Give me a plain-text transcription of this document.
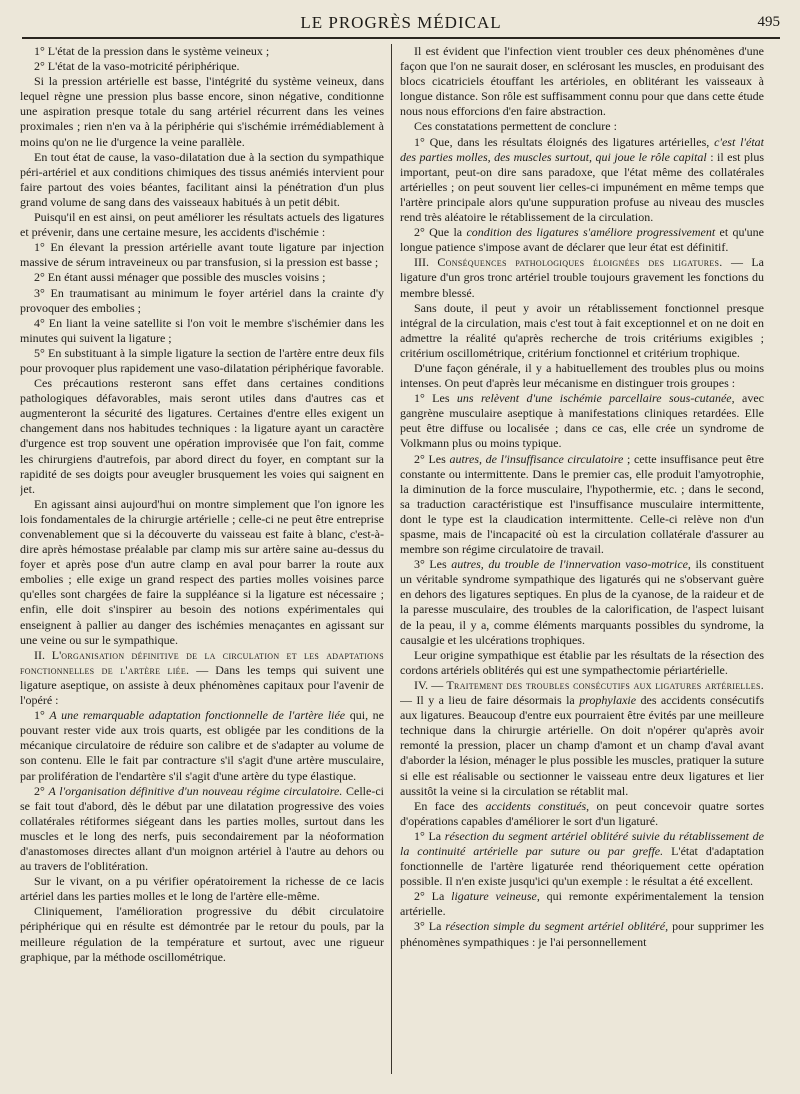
LE PROGRÈS MÉDICAL	495

1° L'état de la pression dans le système veineux ;

2° L'état de la vaso-motricité périphérique.

Si la pression artérielle est basse, l'intégrité du système veineux, dans lequel règne une pression plus basse encore, sinon négative, conditionne une aspiration presque totale du sang artériel récurrent dans les veines proximales ; rien n'en va à la périphérie qui s'ischémie irrémédiablement à moins qu'on ne lie d'urgence la veine parallèle.

En tout état de cause, la vaso-dilatation due à la section du sympathique péri-artériel et aux conditions chimiques des tissus anémiés intervient pour faire partout des voies béantes, facilitant ainsi la pénétration d'un plus grand volume de sang dans des vaisseaux habitués à un petit débit.

Puisqu'il en est ainsi, on peut améliorer les résultats actuels des ligatures et prévenir, dans une certaine mesure, les accidents d'ischémie :

1° En élevant la pression artérielle avant toute ligature par injection massive de sérum intraveineux ou par transfusion, si la pression est basse ;

2° En étant aussi ménager que possible des muscles voisins ;

3° En traumatisant au minimum le foyer artériel dans la crainte d'y provoquer des embolies ;

4° En liant la veine satellite si l'on voit le membre s'ischémier dans les minutes qui suivent la ligature ;

5° En substituant à la simple ligature la section de l'artère entre deux fils pour provoquer plus rapidement une vaso-dilatation périphérique favorable.

Ces précautions resteront sans effet dans certaines conditions pathologiques défavorables, mais seront utiles dans d'autres cas et augmenteront la sécurité des ligatures. Certaines d'entre elles exigent un changement dans nos habitudes techniques : la ligature ayant un caractère d'urgence est trop souvent une opération improvisée que l'on fait, comme les chirurgiens d'autrefois, par abord direct du foyer, en comptant sur la rapidité de ses doigts pour aveugler brusquement les voies qui saignent en jet.

En agissant ainsi aujourd'hui on montre simplement que l'on ignore les lois fondamentales de la chirurgie artérielle ; celle-ci ne peut être entreprise convenablement que si la découverte du vaisseau est faite à blanc, c'est-à-dire après hémostase préalable par clamp mis sur artère saine au-dessus du foyer et après pose d'un autre clamp en aval pour barrer la route aux embolies ; elle exige un grand respect des parties molles voisines parce qu'elles sont chargées de faire la suppléance si la ligature est nécessaire ; enfin, elle doit s'inspirer au besoin des notions expérimentales qui enseignent à pallier au danger des ischémies menaçantes en agissant sur une veine ou sur le sympathique.

II. L'organisation définitive de la circulation et les adaptations fonctionnelles de l'artère liée. — Dans les temps qui suivent une ligature aseptique, on assiste à deux phénomènes capitaux pour l'avenir de l'opéré :

1° A une remarquable adaptation fonctionnelle de l'artère liée qui, ne pouvant rester vide aux trois quarts, est obligée par les conditions de la mécanique circulatoire de réduire son calibre et de s'adapter au volume de son contenu. Elle le fait par contracture s'il s'agit d'une artère musculaire, par prolifération de l'endartère s'il s'agit d'une artère du type élastique.

2° A l'organisation définitive d'un nouveau régime circulatoire. Celle-ci se fait tout d'abord, dès le début par une dilatation progressive des voies collatérales rétiformes siégeant dans les parties molles, surtout dans les muscles et le long des nerfs, puis secondairement par la néoformation d'anastomoses directes allant d'un moignon artériel à l'autre au dehors ou au travers de l'oblitération.

Sur le vivant, on a pu vérifier opératoirement la richesse de ce lacis artériel dans les parties molles et le long de l'artère elle-même.

Cliniquement, l'amélioration progressive du débit circulatoire périphérique qui en résulte est démontrée par le retour du pouls, par la meilleure régulation de la température et surtout, avec une rigueur graphique, par la méthode oscillométrique.

Il est évident que l'infection vient troubler ces deux phénomènes d'une façon que l'on ne saurait doser, en sclérosant les muscles, en produisant des blocs cicatriciels étouffant les artérioles, en oblitérant les vaisseaux à longue distance. Son rôle est suffisamment connu pour que dans cette étude nous nous efforcions d'en faire abstraction.

Ces constatations permettent de conclure :

1° Que, dans les résultats éloignés des ligatures artérielles, c'est l'état des parties molles, des muscles surtout, qui joue le rôle capital : il est plus important, peut-on dire sans paradoxe, que l'état même des collatérales artérielles ; on peut souvent lier celles-ci impunément en même temps que l'artère principale alors qu'une suppuration profuse au niveau des muscles rend très aléatoire le rétablissement de la circulation.

2° Que la condition des ligatures s'améliore progressivement et qu'une longue patience s'impose avant de déclarer que leur état est définitif.

III. Conséquences pathologiques éloignées des ligatures. — La ligature d'un gros tronc artériel trouble toujours gravement les fonctions du membre blessé.

Sans doute, il peut y avoir un rétablissement fonctionnel presque intégral de la circulation, mais c'est tout à fait exceptionnel et on ne doit en admettre la réalité qu'après recherche de trois critériums exigibles ; critérium oscillométrique, critérium fonctionnel et critérium trophique.

D'une façon générale, il y a habituellement des troubles plus ou moins intenses. On peut d'après leur mécanisme en distinguer trois groupes :

1° Les uns relèvent d'une ischémie parcellaire sous-cutanée, avec gangrène musculaire aseptique à manifestations cliniques retardées. Elle peut être diffuse ou localisée ; dans ce cas, elle crée un syndrome de Volkmann plus ou moins typique.

2° Les autres, de l'insuffisance circulatoire ; cette insuffisance peut être constante ou intermittente. Dans le premier cas, elle produit l'amyotrophie, la diminution de la force musculaire, l'hypothermie, etc. ; dans le second, sa traduction caractéristique est l'insuffisance musculaire intermittente, dont le type est la claudication intermittente. Celle-ci relève non d'un spasme, mais de l'incapacité où est la circulation collatérale d'assurer au membre son régime circulatoire de travail.

3° Les autres, du trouble de l'innervation vaso-motrice, ils constituent un véritable syndrome sympathique des ligaturés qui ne s'observant guère en dehors des ligatures septiques. En plus de la cyanose, de la raideur et de la paresse musculaire, des troubles de la calorification, de l'aspect luisant de la peau, il y a, comme éléments marquants possibles du syndrome, la causalgie et les ulcérations trophiques.

Leur origine sympathique est établie par les résultats de la résection des cordons artériels oblitérés qui est une sympathectomie périartérielle.

IV. — Traitement des troubles consécutifs aux ligatures artérielles. — Il y a lieu de faire désormais la prophylaxie des accidents consécutifs aux ligatures. Beaucoup d'entre eux pourraient être évités par une meilleure technique dans la chirurgie artérielle. On doit n'opérer qu'après avoir remonté la pression, placer un champ d'amont et un champ d'aval avant d'aborder la lésion, ménager le plus possible les muscles, pratiquer la suture si elle est réalisable ou sectionner le vaisseau entre deux ligatures et lier aussitôt la veine si la circulation se rétablit mal.

En face des accidents constitués, on peut concevoir quatre sortes d'opérations capables d'améliorer le sort d'un ligaturé.

1° La résection du segment artériel oblitéré suivie du rétablissement de la continuité artérielle par suture ou par greffe. L'état d'adaptation fonctionnelle de l'artère ligaturée rend théoriquement cette opération possible. Il n'en existe jusqu'ici qu'un exemple : le résultat a été excellent.

2° La ligature veineuse, qui remonte expérimentalement la tension artérielle.

3° La résection simple du segment artériel oblitéré, pour supprimer les phénomènes sympathiques : je l'ai personnellement
